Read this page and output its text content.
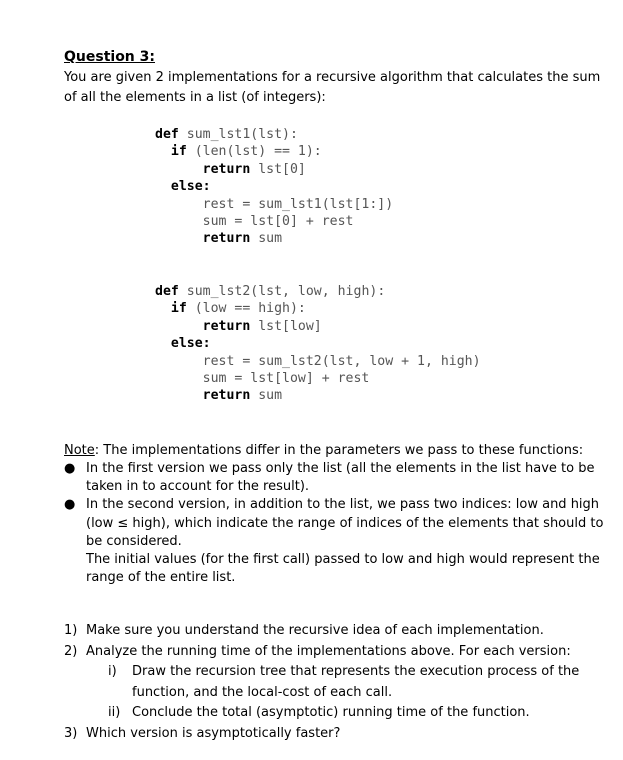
Question 3:
You are given 2 implementations for a recursive algorithm that calculates the sum of all the elements in a list (of integers):
def sum_lst1(lst):
if (len(lst) == 1):
return lst[0]
else:
rest = sum_lst1(lst[1:])
sum = lst[0] + rest
return sum
def sum_lst2(lst, low, high):
if (low == high):
return lst[low]
else:
rest = sum_lst2(lst, low + 1, high)
sum = lst[low] + rest
return sum
Note: The implementations differ in the parameters we pass to these functions:
● In the first version we pass only the list (all the elements in the list have to be taken in to account for the result).
● In the second version, in addition to the list, we pass two indices: low and high (low ≤ high), which indicate the range of indices of the elements that should to be considered.
The initial values (for the first call) passed to low and high would represent the range of the entire list.
1) Make sure you understand the recursive idea of each implementation.
2) Analyze the running time of the implementations above. For each version:
i) Draw the recursion tree that represents the execution process of the function, and the local-cost of each call.
ii) Conclude the total (asymptotic) running time of the function.
3) Which version is asymptotically faster?
